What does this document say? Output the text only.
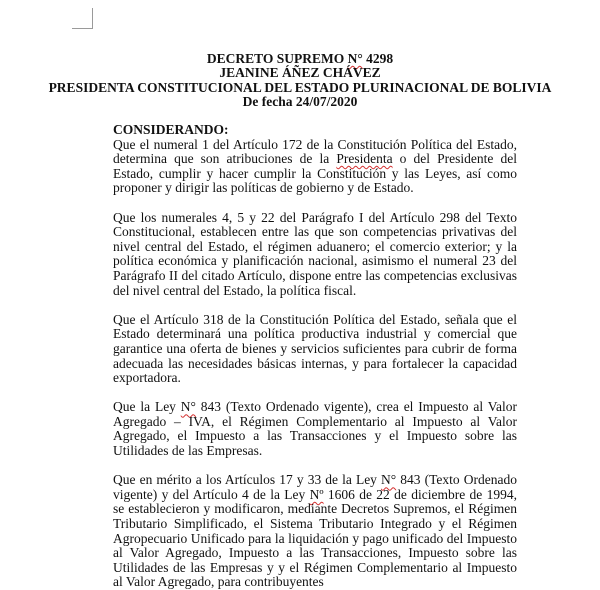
DECRETO SUPREMO N° 4298
JEANINE ÁÑEZ CHÁVEZ
PRESIDENTA CONSTITUCIONAL DEL ESTADO PLURINACIONAL DE BOLIVIA
De fecha 24/07/2020
CONSIDERANDO:
Que el numeral 1 del Artículo 172 de la Constitución Política del Estado, determina que son atribuciones de la Presidenta o del Presidente del Estado, cumplir y hacer cumplir la Constitución y las Leyes, así como proponer y dirigir las políticas de gobierno y de Estado.
Que los numerales 4, 5 y 22 del Parágrafo I del Artículo 298 del Texto Constitucional, establecen entre las que son competencias privativas del nivel central del Estado, el régimen aduanero; el comercio exterior; y la política económica y planificación nacional, asimismo el numeral 23 del Parágrafo II del citado Artículo, dispone entre las competencias exclusivas del nivel central del Estado, la política fiscal.
Que el Artículo 318 de la Constitución Política del Estado, señala que el Estado determinará una política productiva industrial y comercial que garantice una oferta de bienes y servicios suficientes para cubrir de forma adecuada las necesidades básicas internas, y para fortalecer la capacidad exportadora.
Que la Ley N° 843 (Texto Ordenado vigente), crea el Impuesto al Valor Agregado – IVA, el Régimen Complementario al Impuesto al Valor Agregado, el Impuesto a las Transacciones y el Impuesto sobre las Utilidades de las Empresas.
Que en mérito a los Artículos 17 y 33 de la Ley N° 843 (Texto Ordenado vigente) y del Artículo 4 de la Ley Nº 1606 de 22 de diciembre de 1994, se establecieron y modificaron, mediante Decretos Supremos, el Régimen Tributario Simplificado, el Sistema Tributario Integrado y el Régimen Agropecuario Unificado para la liquidación y pago unificado del Impuesto al Valor Agregado, Impuesto a las Transacciones, Impuesto sobre las Utilidades de las Empresas y y el Régimen Complementario al Impuesto al Valor Agregado, para contribuyentes
